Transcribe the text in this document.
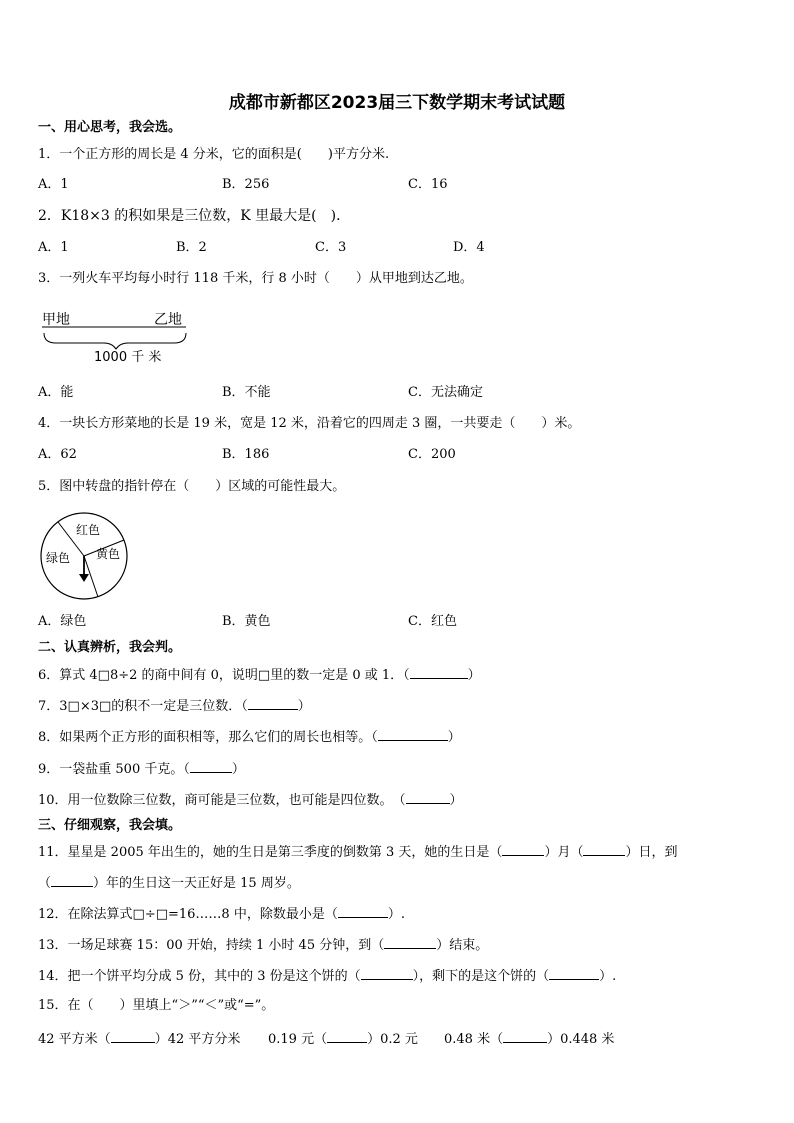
成都市新都区2023届三下数学期末考试试题
一、用心思考，我会选。
1．一个正方形的周长是 4 分米，它的面积是(　　)平方分米.
A．1	B．256	C．16
2．K18×3 的积如果是三位数，K 里最大是(　)．
A．1	B．2	C．3	D．4
3．一列火车平均每小时行 118 千米，行 8 小时（　　）从甲地到达乙地。
甲地	乙地
1000 千 米
A．能	B．不能	C．无法确定
4．一块长方形菜地的长是 19 米，宽是 12 米，沿着它的四周走 3 圈，一共要走（　　）米。
A．62	B．186	C．200
5．图中转盘的指针停在（　　）区域的可能性最大。
红色
绿色 黄色
A．绿色	B．黄色	C．红色
二、认真辨析，我会判。
6．算式 4□8÷2 的商中间有 0，说明□里的数一定是 0 或 1．（	）
7．3□×3□的积不一定是三位数．（	）
8．如果两个正方形的面积相等，那么它们的周长也相等。（	）
9．一袋盐重 500 千克。（	）
10．用一位数除三位数，商可能是三位数，也可能是四位数。　（	）
三、仔细观察，我会填。
11．星星是 2005 年出生的，她的生日是第三季度的倒数第 3 天，她的生日是（	）月（	）日，到
（	）年的生日这一天正好是 15 周岁。
12．在除法算式□÷□=16……8 中，除数最小是（	）.
13．一场足球赛 15：00 开始，持续 1 小时 45 分钟，到（	）结束。
14．把一个饼平均分成 5 份，其中的 3 份是这个饼的（	），剩下的是这个饼的（	）.
15．在（　　）里填上“＞”“＜”或“=”。
42 平方米（	）42 平方分米 0.19 元（	）0.2 元 0.48 米（	）0.448 米
